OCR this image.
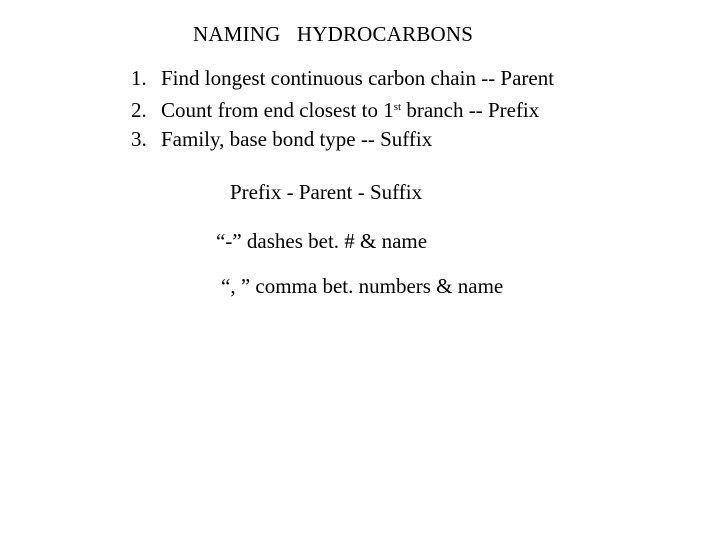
NAMING   HYDROCARBONS
1. Find longest continuous carbon chain -- Parent
2. Count from end closest to 1st branch -- Prefix
3. Family, base bond type -- Suffix
Prefix - Parent - Suffix
“-” dashes bet. # & name
“, ” comma bet. numbers & name
